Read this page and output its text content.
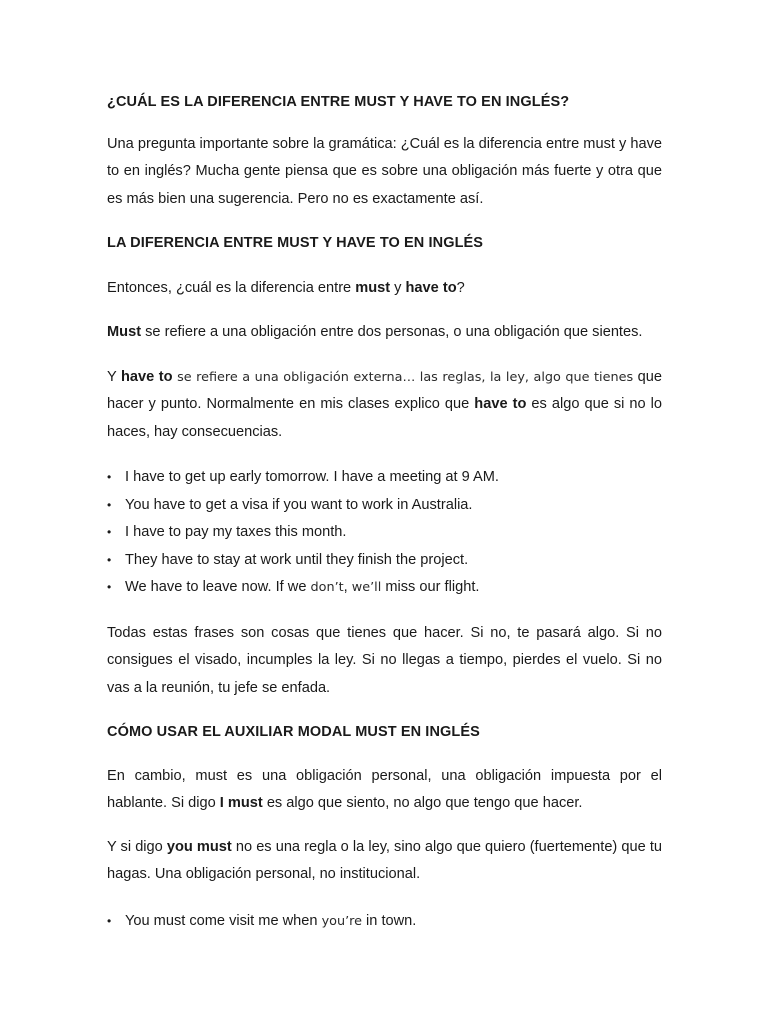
¿CUÁL ES LA DIFERENCIA ENTRE MUST Y HAVE TO EN INGLÉS?

Una pregunta importante sobre la gramática: ¿Cuál es la diferencia entre must y have to en inglés? Mucha gente piensa que es sobre una obligación más fuerte y otra que es más bien una sugerencia. Pero no es exactamente así.

LA DIFERENCIA ENTRE MUST Y HAVE TO EN INGLÉS

Entonces, ¿cuál es la diferencia entre must y have to?

Must se refiere a una obligación entre dos personas, o una obligación que sientes.

Y have to se refiere a una obligación externa… las reglas, la ley, algo que tienes que hacer y punto. Normalmente en mis clases explico que have to es algo que si no lo haces, hay consecuencias.

• I have to get up early tomorrow. I have a meeting at 9 AM.
• You have to get a visa if you want to work in Australia.
• I have to pay my taxes this month.
• They have to stay at work until they finish the project.
• We have to leave now. If we don’t, we’ll miss our flight.

Todas estas frases son cosas que tienes que hacer. Si no, te pasará algo. Si no consigues el visado, incumples la ley. Si no llegas a tiempo, pierdes el vuelo. Si no vas a la reunión, tu jefe se enfada.

CÓMO USAR EL AUXILIAR MODAL MUST EN INGLÉS

En cambio, must es una obligación personal, una obligación impuesta por el hablante. Si digo I must es algo que siento, no algo que tengo que hacer.

Y si digo you must no es una regla o la ley, sino algo que quiero (fuertemente) que tu hagas. Una obligación personal, no institucional.

• You must come visit me when you’re in town.
